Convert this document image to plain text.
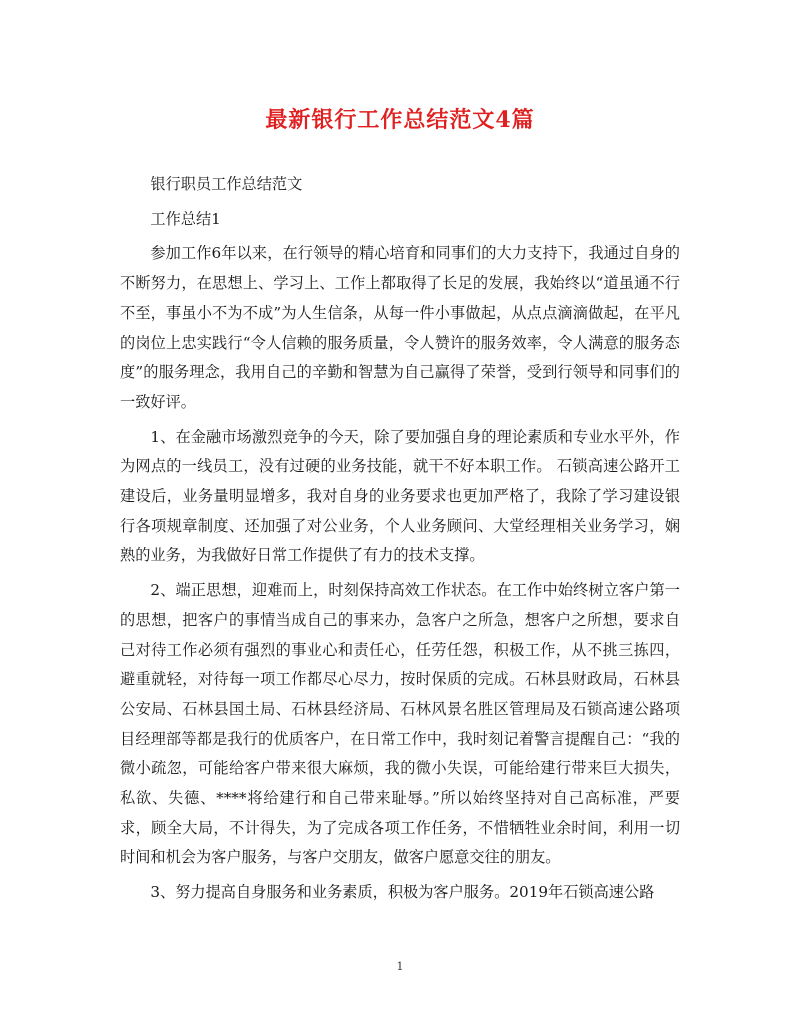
最新银行工作总结范文4篇

银行职员工作总结范文

工作总结1

参加工作6年以来，在行领导的精心培育和同事们的大力支持下，我通过自身的不断努力，在思想上、学习上、工作上都取得了长足的发展，我始终以“道虽通不行不至，事虽小不为不成”为人生信条，从每一件小事做起，从点点滴滴做起，在平凡的岗位上忠实践行“令人信赖的服务质量，令人赞许的服务效率，令人满意的服务态度”的服务理念，我用自己的辛勤和智慧为自己赢得了荣誉，受到行领导和同事们的一致好评。

1、在金融市场激烈竞争的今天，除了要加强自身的理论素质和专业水平外，作为网点的一线员工，没有过硬的业务技能，就干不好本职工作。 石锁高速公路开工建设后，业务量明显增多，我对自身的业务要求也更加严格了，我除了学习建设银行各项规章制度、还加强了对公业务，个人业务顾问、大堂经理相关业务学习，娴熟的业务，为我做好日常工作提供了有力的技术支撑。

2、端正思想，迎难而上，时刻保持高效工作状态。在工作中始终树立客户第一的思想，把客户的事情当成自己的事来办，急客户之所急，想客户之所想，要求自己对待工作必须有强烈的事业心和责任心，任劳任怨，积极工作，从不挑三拣四，避重就轻，对待每一项工作都尽心尽力，按时保质的完成。石林县财政局，石林县公安局、石林县国土局、石林县经济局、石林风景名胜区管理局及石锁高速公路项目经理部等都是我行的优质客户，在日常工作中，我时刻记着警言提醒自己：“我的微小疏忽，可能给客户带来很大麻烦，我的微小失误，可能给建行带来巨大损失，私欲、失德、****将给建行和自己带来耻辱。”所以始终坚持对自己高标准，严要求，顾全大局，不计得失，为了完成各项工作任务，不惜牺牲业余时间，利用一切时间和机会为客户服务，与客户交朋友，做客户愿意交往的朋友。

3、努力提高自身服务和业务素质，积极为客户服务。2019年石锁高速公路

1
